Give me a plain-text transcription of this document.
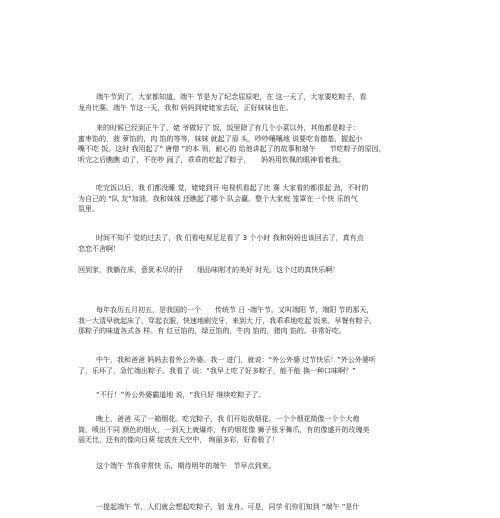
端午节到了，大家都知道，端午 节是为了纪念屈原吧，在 这一天了，大家要吃粽子，看
龙舟比赛。端午 节这一天，我和 妈妈到姥姥家去玩，正好妹妹也在。

来的时候已经到正午了，姥 爷做好了 饭，饭里除了有几个小菜以外，其他都是粽子：
蜜枣馅的，菠 萝馅的，肉 馅的等等，妹妹 就起了眉 头，吵吵嚷嚷地 说要吃肯德基，握起小
嘴不吃 饭。这时 我用起了“ 唐僧 ”的本 领，耐心的 给他讲起了的故事和端午　　节吃粽子的原因，
听完之后瞧瞧 动了，不在吵 闹了，乖乖的吃起了粽子，　　妈妈用钦佩的眼神看着我。

吃完饭以后，我 们都没睡 觉，姥姥到开 电视机看起了比 赛 大家看的都很起 劲，不时的
为自己的 “队 友”加油，我和妹妹 还瞧起了哪个 队会赢。整个大家庭 笼罩在一个快 乐的气
氛里。

时间不知不 觉的过去了，我 们看电视足足看了 3 个小时 我和妈妈也该回去了，真有点
恋恋不舍啊！

回到家，我躺在床，意犹未尽的仔　　细品味刚才的美好 时光。这个过的真快乐啊！

每年农历五月初五，是我国的一个　　传统节 日 -端午节。又叫端阳 节，端阳 节的那天，
我一大清早就起床了，穿起衣服，快速地刷完牙，来到大 厅，我乖乖地吃起 饭来。早餐有粽子，
那粽子的味道各式各 样。有 红豆馅的，绿豆馅的，牛肉 馅的，猪肉 馅的。非常好吃。

中午，我和爸爸 妈妈去看外公外婆。我一 进门，就说：“外公外婆 过节快乐！”外公外婆听
了，乐坏了，急忙端出粽子。我看了 说：“我早上吃了好多粽子，能不能 换一种口味啊？”

“不行！”外公外婆霸道地 说，“我只好 继续吃粽子了。

晚上，爸爸 买了一箱烟花。吃完粽子，我 们开始放烟花。一个个烟花简像一个个大炮
筒，喷出不同 颜色的烟火，一到天上就爆炸，有的烟花像 狮子张牙舞爪，有的像盛开的玫瑰美
丽无比，还有的像向日葵 绽放在天空中， 绚丽多彩，好看极了！

这个端午 节我非常快 乐，期待明年的端午　节早点到来。

一提起端午 节，人们就会想起吃粽子，划 龙舟。可是，同学 们你们知到 “端午 ”是什
